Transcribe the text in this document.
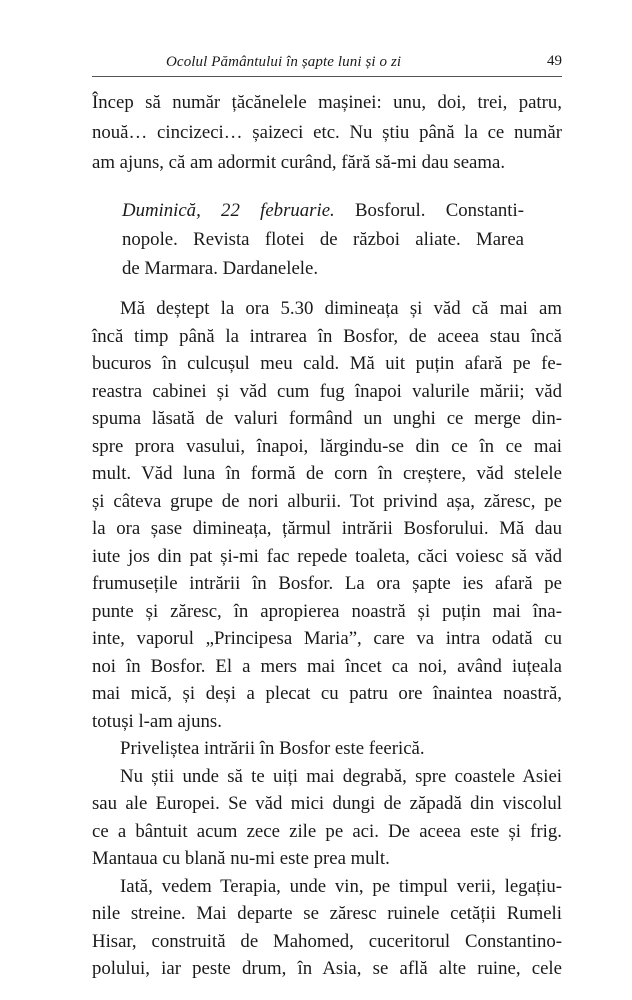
Ocolul Pământului în șapte luni și o zi	49
Încep să număr țăcănelele mașinei: unu, doi, trei, patru,
nouă… cincizeci… șaizeci etc. Nu știu până la ce număr
am ajuns, că am adormit curând, fără să-mi dau seama.
Duminică, 22 februarie. Bosforul. Constanti-
nopole. Revista flotei de război aliate. Marea
de Marmara. Dardanelele.
Mă deștept la ora 5.30 dimineața și văd că mai am
încă timp până la intrarea în Bosfor, de aceea stau încă
bucuros în culcușul meu cald. Mă uit puțin afară pe fe-
reastra cabinei și văd cum fug înapoi valurile mării; văd
spuma lăsată de valuri formând un unghi ce merge din-
spre prora vasului, înapoi, lărgindu-se din ce în ce mai
mult. Văd luna în formă de corn în creștere, văd stelele
și câteva grupe de nori alburii. Tot privind așa, zăresc, pe
la ora șase dimineața, țărmul intrării Bosforului. Mă dau
iute jos din pat și-mi fac repede toaleta, căci voiesc să văd
frumusețile intrării în Bosfor. La ora șapte ies afară pe
punte și zăresc, în apropierea noastră și puțin mai îna-
inte, vaporul „Principesa Maria”, care va intra odată cu
noi în Bosfor. El a mers mai încet ca noi, având iuțeala
mai mică, și deși a plecat cu patru ore înaintea noastră,
totuși l-am ajuns.
Priveliștea intrării în Bosfor este feerică.
Nu știi unde să te uiți mai degrabă, spre coastele Asiei
sau ale Europei. Se văd mici dungi de zăpadă din viscolul
ce a bântuit acum zece zile pe aci. De aceea este și frig.
Mantaua cu blană nu-mi este prea mult.
Iată, vedem Terapia, unde vin, pe timpul verii, legațiu-
nile streine. Mai departe se zăresc ruinele cetății Rumeli
Hisar, construită de Mahomed, cuceritorul Constantino-
polului, iar peste drum, în Asia, se află alte ruine, cele
